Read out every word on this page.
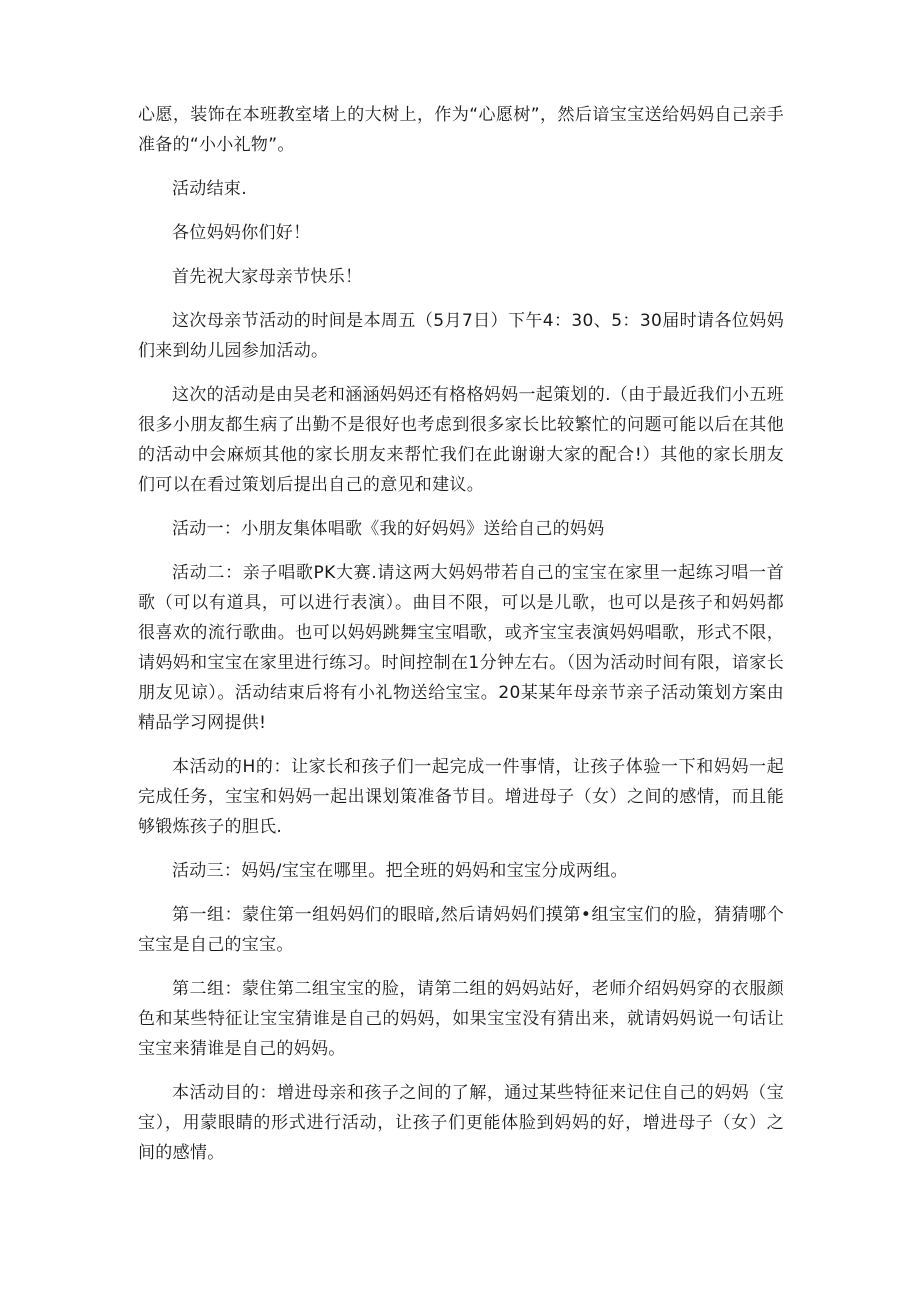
心愿，装饰在本班教室堵上的大树上，作为“心愿树”，然后谙宝宝送给妈妈自己亲手准备的“小小礼物”。

活动结束.

各位妈妈你们好！

首先祝大家母亲节快乐！

这次母亲节活动的时间是本周五（5月7日）下午4：30、5：30届时请各位妈妈们来到幼儿园参加活动。

这次的活动是由吴老和涵涵妈妈还有格格妈妈一起策划的.（由于最近我们小五班很多小朋友都生病了出勤不是很好也考虑到很多家长比较繁忙的问题可能以后在其他的活动中会麻烦其他的家长朋友来帮忙我们在此谢谢大家的配合!）其他的家长朋友们可以在看过策划后提出自己的意见和建议。

活动一：小朋友集体唱歌《我的好妈妈》送给自己的妈妈

活动二：亲子唱歌PK大赛.请这两大妈妈带若自己的宝宝在家里一起练习唱一首歌（可以有道具，可以进行表演）。曲目不限，可以是儿歌，也可以是孩子和妈妈都很喜欢的流行歌曲。也可以妈妈跳舞宝宝唱歌，或齐宝宝表演妈妈唱歌，形式不限，请妈妈和宝宝在家里进行练习。时间控制在1分钟左右。（因为活动时间有限，谙家长朋友见谅）。活动结束后将有小礼物送给宝宝。20某某年母亲节亲子活动策划方案由精品学习网提供!

本活动的H的：让家长和孩子们一起完成一件事情，让孩子体验一下和妈妈一起完成任务，宝宝和妈妈一起出课划策准备节目。增进母子（女）之间的感情，而且能够锻炼孩子的胆氏.

活动三：妈妈/宝宝在哪里。把全班的妈妈和宝宝分成两组。

第一组：蒙住第一组妈妈们的眼暗,然后请妈妈们摸第•组宝宝们的脸，猜猜哪个宝宝是自己的宝宝。

第二组：蒙住第二组宝宝的脸，请第二组的妈妈站好，老师介绍妈妈穿的衣服颜色和某些特征让宝宝猜谁是自己的妈妈，如果宝宝没有猜出来，就请妈妈说一句话让宝宝来猜谁是自己的妈妈。

本活动目的：增进母亲和孩子之间的了解，通过某些特征来记住自己的妈妈（宝宝），用蒙眼睛的形式进行活动，让孩子们更能体脸到妈妈的好，增进母子（女）之间的感情。
